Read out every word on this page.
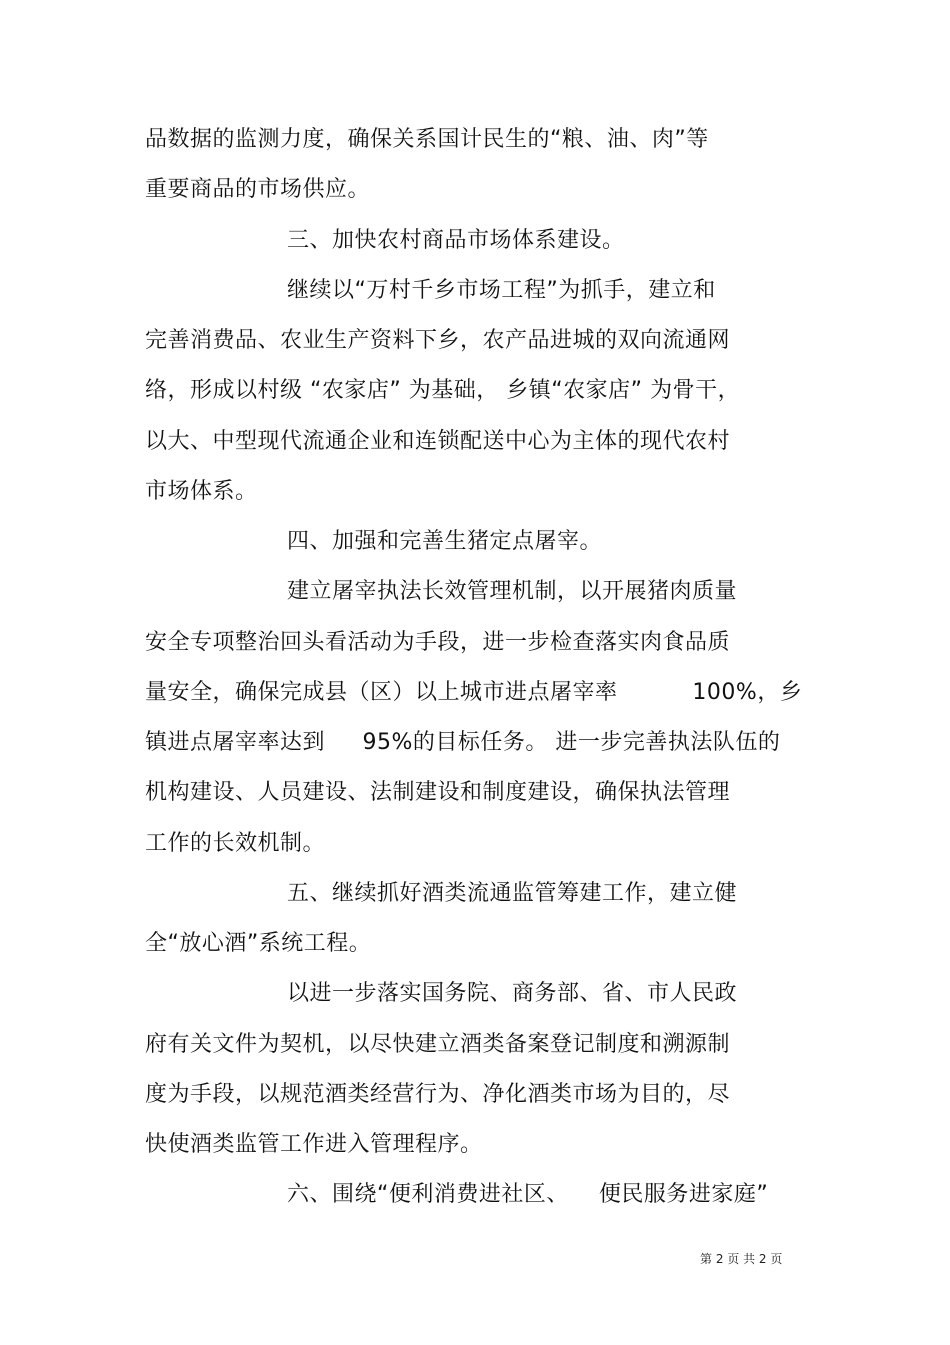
品数据的监测力度，确保关系国计民生的“粮、油、肉”等
重要商品的市场供应。
三、加快农村商品市场体系建设。
继续以“万村千乡市场工程”为抓手，建立和
完善消费品、农业生产资料下乡，农产品进城的双向流通网
络，形成以村级 “农家店” 为基础， 乡镇“农家店” 为骨干，
以大、中型现代流通企业和连锁配送中心为主体的现代农村
市场体系。
四、加强和完善生猪定点屠宰。
建立屠宰执法长效管理机制，以开展猪肉质量
安全专项整治回头看活动为手段，进一步检查落实肉食品质
量安全，确保完成县（区）以上城市进点屠宰率          100%，乡
镇进点屠宰率达到     95%的目标任务。 进一步完善执法队伍的
机构建设、人员建设、法制建设和制度建设，确保执法管理
工作的长效机制。
五、继续抓好酒类流通监管筹建工作，建立健
全“放心酒”系统工程。
以进一步落实国务院、商务部、省、市人民政
府有关文件为契机，以尽快建立酒类备案登记制度和溯源制
度为手段，以规范酒类经营行为、净化酒类市场为目的，尽
快使酒类监管工作进入管理程序。
六、围绕“便利消费进社区、    便民服务进家庭”
第 2 页 共 2 页
